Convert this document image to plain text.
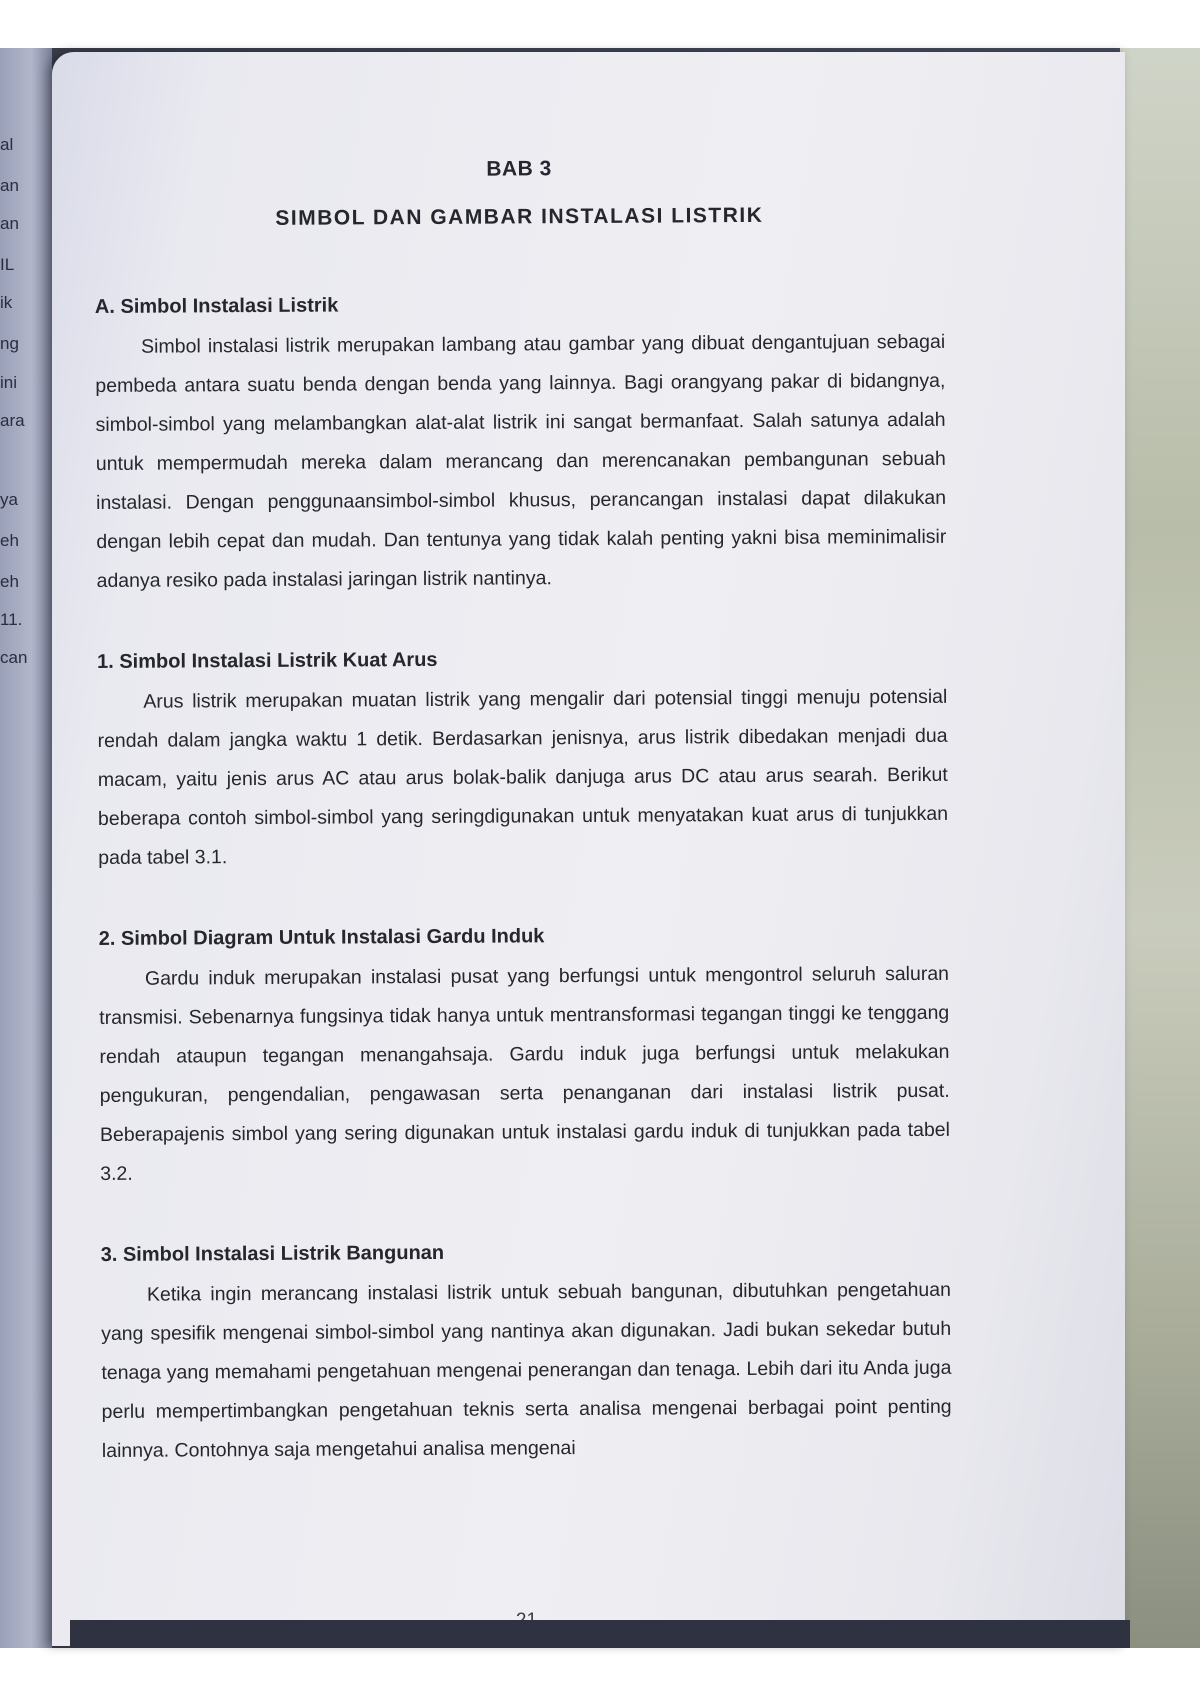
al
an
an
IL
ik
ng
ini
ara
ya
eh
eh
11.
can
BAB 3
SIMBOL DAN GAMBAR INSTALASI LISTRIK
A. Simbol Instalasi Listrik

Simbol instalasi listrik merupakan lambang atau gambar yang dibuat dengantujuan sebagai pembeda antara suatu benda dengan benda yang lainnya. Bagi orangyang pakar di bidangnya, simbol-simbol yang melambangkan alat-alat listrik ini sangat bermanfaat. Salah satunya adalah untuk mempermudah mereka dalam merancang dan merencanakan pembangunan sebuah instalasi. Dengan penggunaansimbol-simbol khusus, perancangan instalasi dapat dilakukan dengan lebih cepat dan mudah. Dan tentunya yang tidak kalah penting yakni bisa meminimalisir adanya resiko pada instalasi jaringan listrik nantinya.

1. Simbol Instalasi Listrik Kuat Arus

Arus listrik merupakan muatan listrik yang mengalir dari potensial tinggi menuju potensial rendah dalam jangka waktu 1 detik. Berdasarkan jenisnya, arus listrik dibedakan menjadi dua macam, yaitu jenis arus AC atau arus bolak-balik danjuga arus DC atau arus searah. Berikut beberapa contoh simbol-simbol yang seringdigunakan untuk menyatakan kuat arus di tunjukkan pada tabel 3.1.

2. Simbol Diagram Untuk Instalasi Gardu Induk

Gardu induk merupakan instalasi pusat yang berfungsi untuk mengontrol seluruh saluran transmisi. Sebenarnya fungsinya tidak hanya untuk mentransformasi tegangan tinggi ke tenggang rendah ataupun tegangan menangahsaja. Gardu induk juga berfungsi untuk melakukan pengukuran, pengendalian, pengawasan serta penanganan dari instalasi listrik pusat. Beberapajenis simbol yang sering digunakan untuk instalasi gardu induk di tunjukkan pada tabel 3.2.

3. Simbol Instalasi Listrik Bangunan

Ketika ingin merancang instalasi listrik untuk sebuah bangunan, dibutuhkan pengetahuan yang spesifik mengenai simbol-simbol yang nantinya akan digunakan. Jadi bukan sekedar butuh tenaga yang memahami pengetahuan mengenai penerangan dan tenaga. Lebih dari itu Anda juga perlu mempertimbangkan pengetahuan teknis serta analisa mengenai berbagai point penting lainnya. Contohnya saja mengetahui analisa mengenai
